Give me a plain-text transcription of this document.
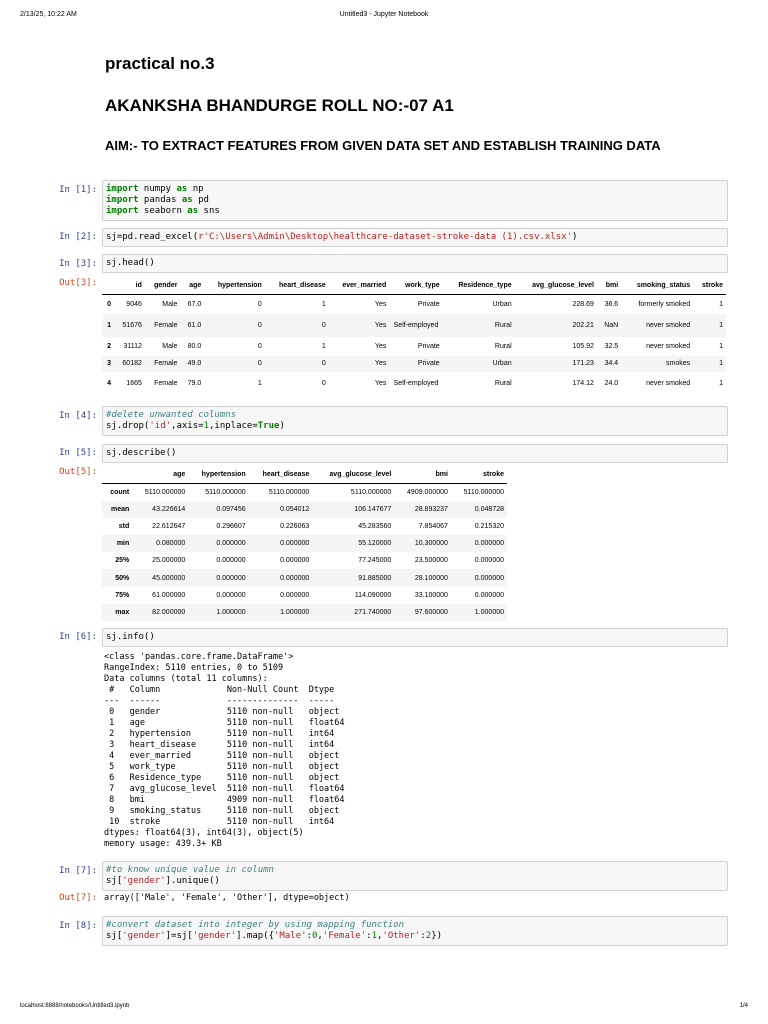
2/13/25, 10:22 AM	Untitled3 - Jupyter Notebook
practical no.3
AKANKSHA BHANDURGE ROLL NO:-07 A1
AIM:- TO EXTRACT FEATURES FROM GIVEN DATA SET AND ESTABLISH TRAINING DATA
In [1]: import numpy as np
import pandas as pd
import seaborn as sns
In [2]: sj=pd.read_excel(r'C:\Users\Admin\Desktop\healthcare-dataset-stroke-data (1).csv.xlsx')
In [3]: sj.head()
Out[3]:
		id	gender	age	hypertension	heart_disease	ever_married	work_type	Residence_type	avg_glucose_level	bmi	smoking_status	stroke
0	9046	Male	67.0	0	1	Yes	Private	Urban	228.69	36.6	formerly smoked	1
1	51676	Female	61.0	0	0	Yes	Self-employed	Rural	202.21	NaN	never smoked	1
2	31112	Male	80.0	0	1	Yes	Private	Rural	105.92	32.5	never smoked	1
3	60182	Female	49.0	0	0	Yes	Private	Urban	171.23	34.4	smokes	1
4	1665	Female	79.0	1	0	Yes	Self-employed	Rural	174.12	24.0	never smoked	1
In [4]: #delete unwanted columns
sj.drop('id',axis=1,inplace=True)
In [5]: sj.describe()
Out[5]:
		age	hypertension	heart_disease	avg_glucose_level	bmi	stroke
count	5110.000000	5110.000000	5110.000000	5110.000000	4909.000000	5110.000000
mean	43.226614	0.097456	0.054012	106.147677	28.893237	0.048728
std	22.612647	0.296607	0.226063	45.283560	7.854067	0.215320
min	0.080000	0.000000	0.000000	55.120000	10.300000	0.000000
25%	25.000000	0.000000	0.000000	77.245000	23.500000	0.000000
50%	45.000000	0.000000	0.000000	91.885000	28.100000	0.000000
75%	61.000000	0.000000	0.000000	114.090000	33.100000	0.000000
max	82.000000	1.000000	1.000000	271.740000	97.600000	1.000000
In [6]: sj.info()
<class 'pandas.core.frame.DataFrame'>
RangeIndex: 5110 entries, 0 to 5109
Data columns (total 11 columns):
#   Column             Non-Null Count  Dtype
---  ------             --------------  -----
0   gender             5110 non-null   object
1   age                5110 non-null   float64
2   hypertension       5110 non-null   int64
3   heart_disease      5110 non-null   int64
4   ever_married       5110 non-null   object
5   work_type          5110 non-null   object
6   Residence_type     5110 non-null   object
7   avg_glucose_level  5110 non-null   float64
8   bmi                4909 non-null   float64
9   smoking_status     5110 non-null   object
10  stroke             5110 non-null   int64
dtypes: float64(3), int64(3), object(5)
memory usage: 439.3+ KB
In [7]: #to know unique value in column
sj['gender'].unique()
Out[7]: array(['Male', 'Female', 'Other'], dtype=object)
In [8]: #convert dataset into integer by using mapping function
sj['gender']=sj['gender'].map({'Male':0,'Female':1,'Other':2})
localhost:8888/notebooks/Untitled3.ipynb	1/4
